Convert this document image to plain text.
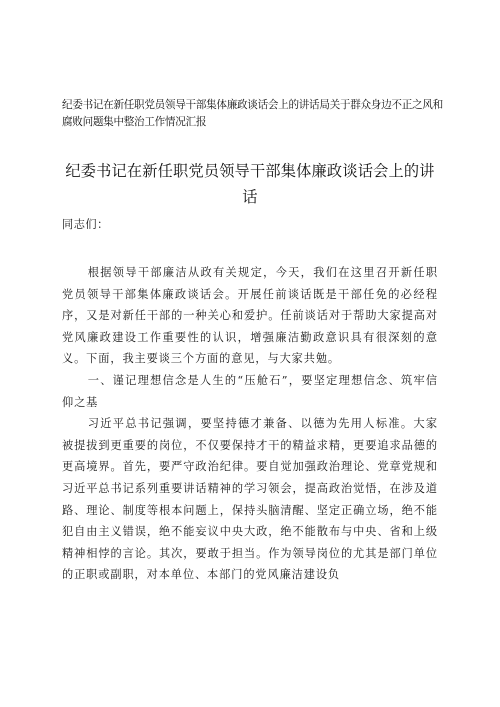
纪委书记在新任职党员领导干部集体廉政谈话会上的讲话局关于群众身边不正之风和腐败问题集中整治工作情况汇报
纪委书记在新任职党员领导干部集体廉政谈话会上的讲话
同志们：

根据领导干部廉洁从政有关规定，今天，我们在这里召开新任职党员领导干部集体廉政谈话会。开展任前谈话既是干部任免的必经程序，又是对新任干部的一种关心和爱护。任前谈话对于帮助大家提高对党风廉政建设工作重要性的认识，增强廉洁勤政意识具有很深刻的意义。下面，我主要谈三个方面的意见，与大家共勉。

一、谨记理想信念是人生的“压舱石”，要坚定理想信念、筑牢信仰之基

习近平总书记强调，要坚持德才兼备、以德为先用人标准。大家被提拔到更重要的岗位，不仅要保持才干的精益求精，更要追求品德的更高境界。首先，要严守政治纪律。要自觉加强政治理论、党章党规和习近平总书记系列重要讲话精神的学习领会，提高政治觉悟，在涉及道路、理论、制度等根本问题上，保持头脑清醒、坚定正确立场，绝不能犯自由主义错误，绝不能妄议中央大政，绝不能散布与中央、省和上级精神相悖的言论。其次，要敢于担当。作为领导岗位的尤其是部门单位的正职或副职，对本单位、本部门的党风廉洁建设负
